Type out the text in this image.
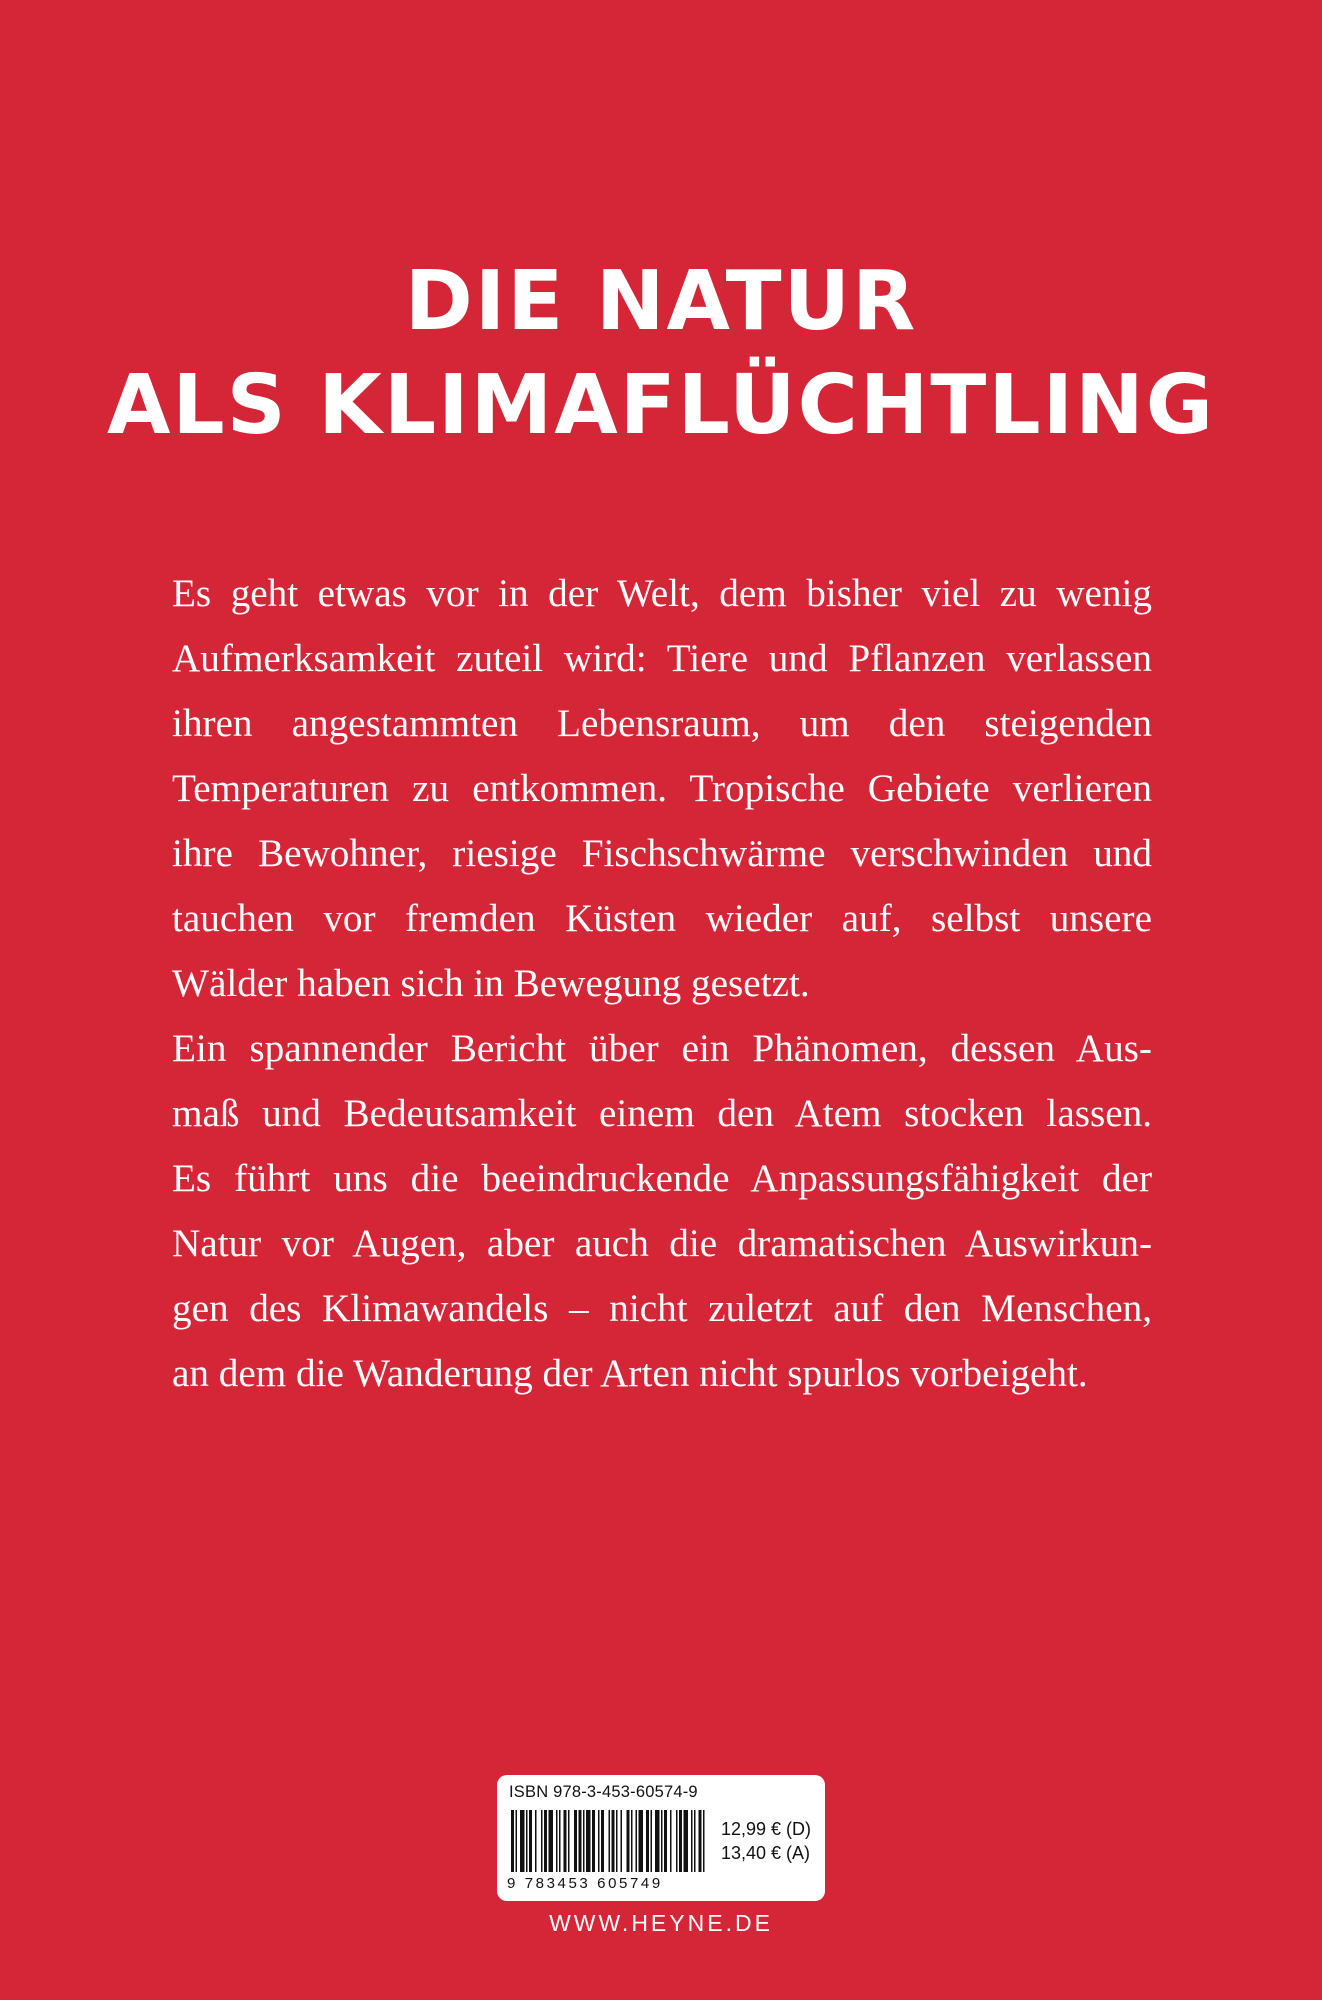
DIE NATUR
ALS KLIMAFLÜCHTLING
Es geht etwas vor in der Welt, dem bisher viel zu wenig
Aufmerksamkeit zuteil wird: Tiere und Pflanzen verlassen
ihren angestammten Lebensraum, um den steigenden
Temperaturen zu entkommen. Tropische Gebiete verlieren
ihre Bewohner, riesige Fischschwärme verschwinden und
tauchen vor fremden Küsten wieder auf, selbst unsere
Wälder haben sich in Bewegung gesetzt.
Ein spannender Bericht über ein Phänomen, dessen Aus-
maß und Bedeutsamkeit einem den Atem stocken lassen.
Es führt uns die beeindruckende Anpassungsfähigkeit der
Natur vor Augen, aber auch die dramatischen Auswirkun-
gen des Klimawandels – nicht zuletzt auf den Menschen,
an dem die Wanderung der Arten nicht spurlos vorbeigeht.
ISBN 978-3-453-60574-9
9 783453 605749
12,99 € (D)
13,40 € (A)
WWW.HEYNE.DE
